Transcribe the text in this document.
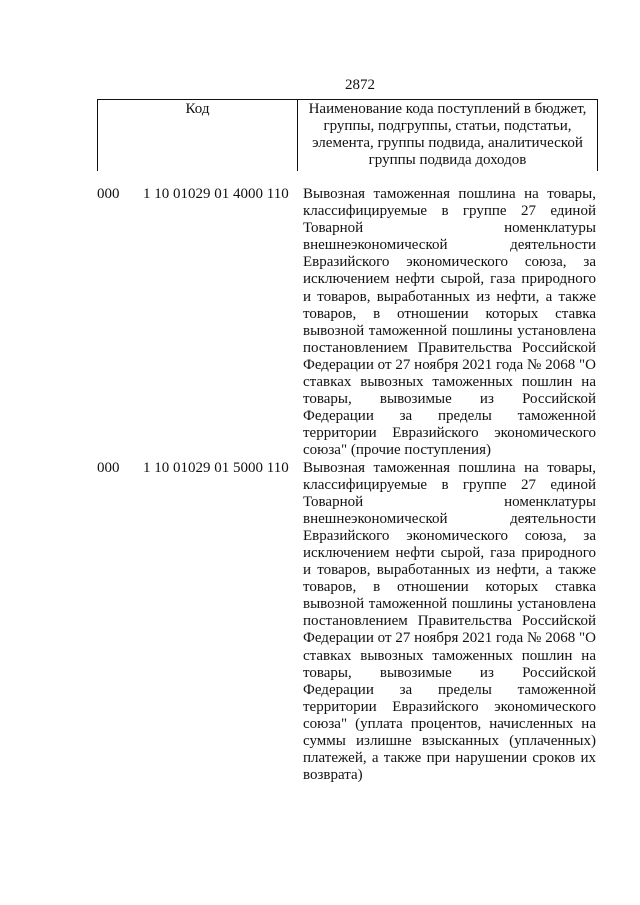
2872
Код	Наименование кода поступлений в бюджет, группы, подгруппы, статьи, подстатьи, элемента, группы подвида, аналитической группы подвида доходов
000	1 10 01029 01 4000 110 Вывозная таможенная пошлина на товары, классифицируемые в группе 27 единой Товарной номенклатуры внешнеэкономической деятельности Евразийского экономического союза, за исключением нефти сырой, газа природного и товаров, выработанных из нефти, а также товаров, в отношении которых ставка вывозной таможенной пошлины установлена постановлением Правительства Российской Федерации от 27 ноября 2021 года № 2068 "О ставках вывозных таможенных пошлин на товары, вывозимые из Российской Федерации за пределы таможенной территории Евразийского экономического союза" (прочие поступления)
000	1 10 01029 01 5000 110 Вывозная таможенная пошлина на товары, классифицируемые в группе 27 единой Товарной номенклатуры внешнеэкономической деятельности Евразийского экономического союза, за исключением нефти сырой, газа природного и товаров, выработанных из нефти, а также товаров, в отношении которых ставка вывозной таможенной пошлины установлена постановлением Правительства Российской Федерации от 27 ноября 2021 года № 2068 "О ставках вывозных таможенных пошлин на товары, вывозимые из Российской Федерации за пределы таможенной территории Евразийского экономического союза" (уплата процентов, начисленных на суммы излишне взысканных (уплаченных) платежей, а также при нарушении сроков их возврата)
